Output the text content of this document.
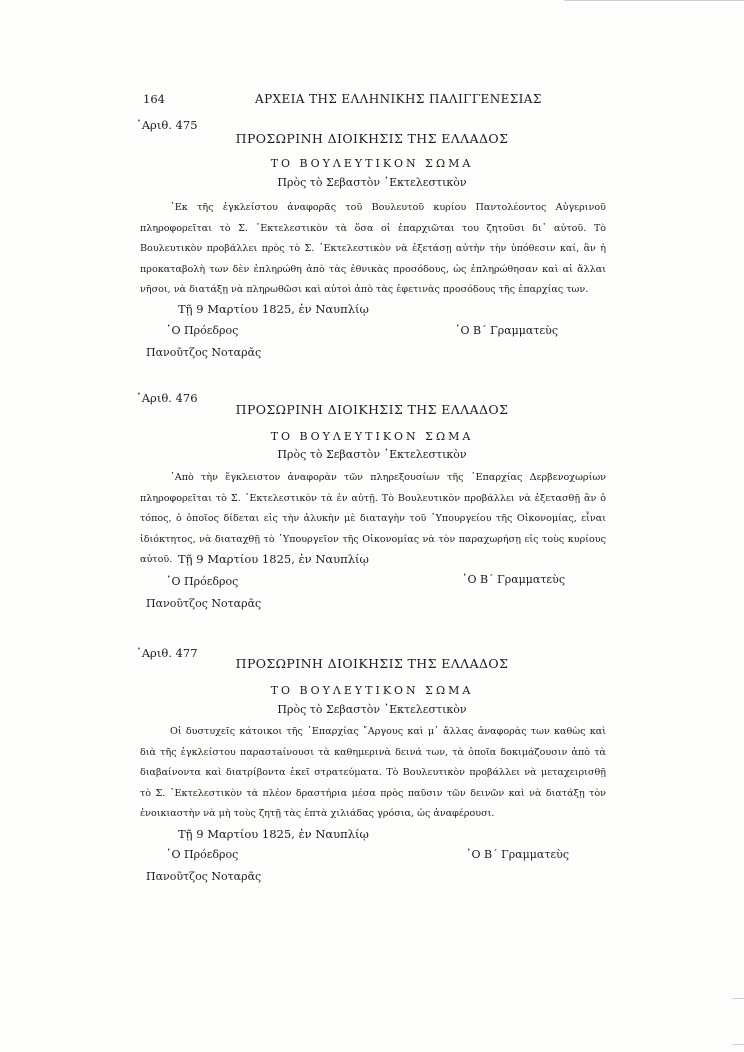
164	ΑΡΧΕΙΑ ΤΗΣ ΕΛΛΗΝΙΚΗΣ ΠΑΛΙΓΓΕΝΕΣΙΑΣ
᾿Αριθ. 475
ΠΡΟΣΩΡΙΝΗ ΔΙΟΙΚΗΣΙΣ ΤΗΣ ΕΛΛΑΔΟΣ
ΤΟ ΒΟΥΛΕΥΤΙΚΟΝ ΣΩΜΑ
Πρὸς τὸ Σεβαστὸν ᾿Εκτελεστικὸν

᾿Εκ τῆς ἐγκλείστου ἀναφορᾶς τοῦ Βουλευτοῦ κυρίου Παντολέοντος Αὐγερινοῦ πληροφορεῖται τὸ Σ. ᾿Εκτελεστικὸν τὰ ὅσα οἱ ἐπαρχιῶται του ζητοῦσι δι᾿ αὐτοῦ. Τὸ Βουλευτικὸν προβάλλει πρὸς τὸ Σ. ᾿Εκτελεστικὸν νὰ ἐξετάσῃ αὐτὴν τὴν ὑπόθεσιν καί, ἂν ἡ προκαταβολὴ των δὲν ἐπληρώθη ἀπὸ τὰς ἐθνικὰς προσόδους, ὡς ἐπληρώθησαν καὶ αἱ ἄλλαι νῆσοι, νὰ διατάξῃ νὰ πληρωθῶσι καὶ αὐτοὶ ἀπὸ τὰς ἐφετινὰς προσόδους τῆς ἐπαρχίας των.

Τῇ 9 Μαρτίου 1825, ἐν Ναυπλίῳ
῾Ο Πρόεδρος
Πανοῦτζος Νοταρᾶς
῾Ο Β΄ Γραμματεὺς
᾿Αριθ. 476
ΠΡΟΣΩΡΙΝΗ ΔΙΟΙΚΗΣΙΣ ΤΗΣ ΕΛΛΑΔΟΣ
ΤΟ ΒΟΥΛΕΥΤΙΚΟΝ ΣΩΜΑ
Πρὸς τὸ Σεβαστὸν ᾿Εκτελεστικὸν

᾿Απὸ τὴν ἔγκλειστον ἀναφορὰν τῶν πληρεξουσίων τῆς ᾿Επαρχίας Δερβενοχωρίων πληροφορεῖται τὸ Σ. ᾿Εκτελεστικὸν τὰ ἐν αὐτῇ. Τὸ Βουλευτικὸν προβάλλει νὰ ἐξετασθῇ ἂν ὁ τόπος, ὁ ὁποῖος δίδεται εἰς τὴν ἀλυκὴν μὲ διαταγὴν τοῦ ῾Υπουργείου τῆς Οἰκονομίας, εἶναι ἰδιόκτητος, νὰ διαταχθῇ τὸ ῾Υπουργεῖον τῆς Οἰκονομίας νὰ τὸν παραχωρήσῃ εἰς τοὺς κυρίους αὐτοῦ. Τῇ 9 Μαρτίου 1825, ἐν Ναυπλίῳ
῾Ο Πρόεδρος
Πανοῦτζος Νοταρᾶς
῾Ο Β΄ Γραμματεὺς
᾿Αριθ. 477
ΠΡΟΣΩΡΙΝΗ ΔΙΟΙΚΗΣΙΣ ΤΗΣ ΕΛΛΑΔΟΣ
ΤΟ ΒΟΥΛΕΥΤΙΚΟΝ ΣΩΜΑ
Πρὸς τὸ Σεβαστὸν ᾿Εκτελεστικὸν

Οἱ δυστυχεῖς κάτοικοι τῆς ᾿Επαρχίας ῎Αργους καὶ μ᾿ ἄλλας ἀναφορὰς των καθὼς καὶ διὰ τῆς ἐγκλείστου παραστaίνουσι τὰ καθημερινὰ δεινά των, τὰ ὁποῖα δοκιμάζουσιν ἀπὸ τὰ διαβαίνοντα καὶ διατρίβοντα ἐκεῖ στρατεύματα. Τὸ Βουλευτικὸν προβάλλει νὰ μεταχειρισθῇ τὸ Σ. ᾿Εκτελεστικὸν τὰ πλέον δραστήρια μέσα πρὸς παῦσιν τῶν δεινῶν καὶ νὰ διατάξῃ τὸν ἐνοικιαστὴν νὰ μὴ τοὺς ζητῇ τὰς ἑπτὰ χιλιάδας γρόσια, ὡς ἀναφέρουσι.

Τῇ 9 Μαρτίου 1825, ἐν Ναυπλίῳ
῾Ο Πρόεδρος
Πανοῦτζος Νοταρᾶς
῾Ο Β΄ Γραμματεὺς
